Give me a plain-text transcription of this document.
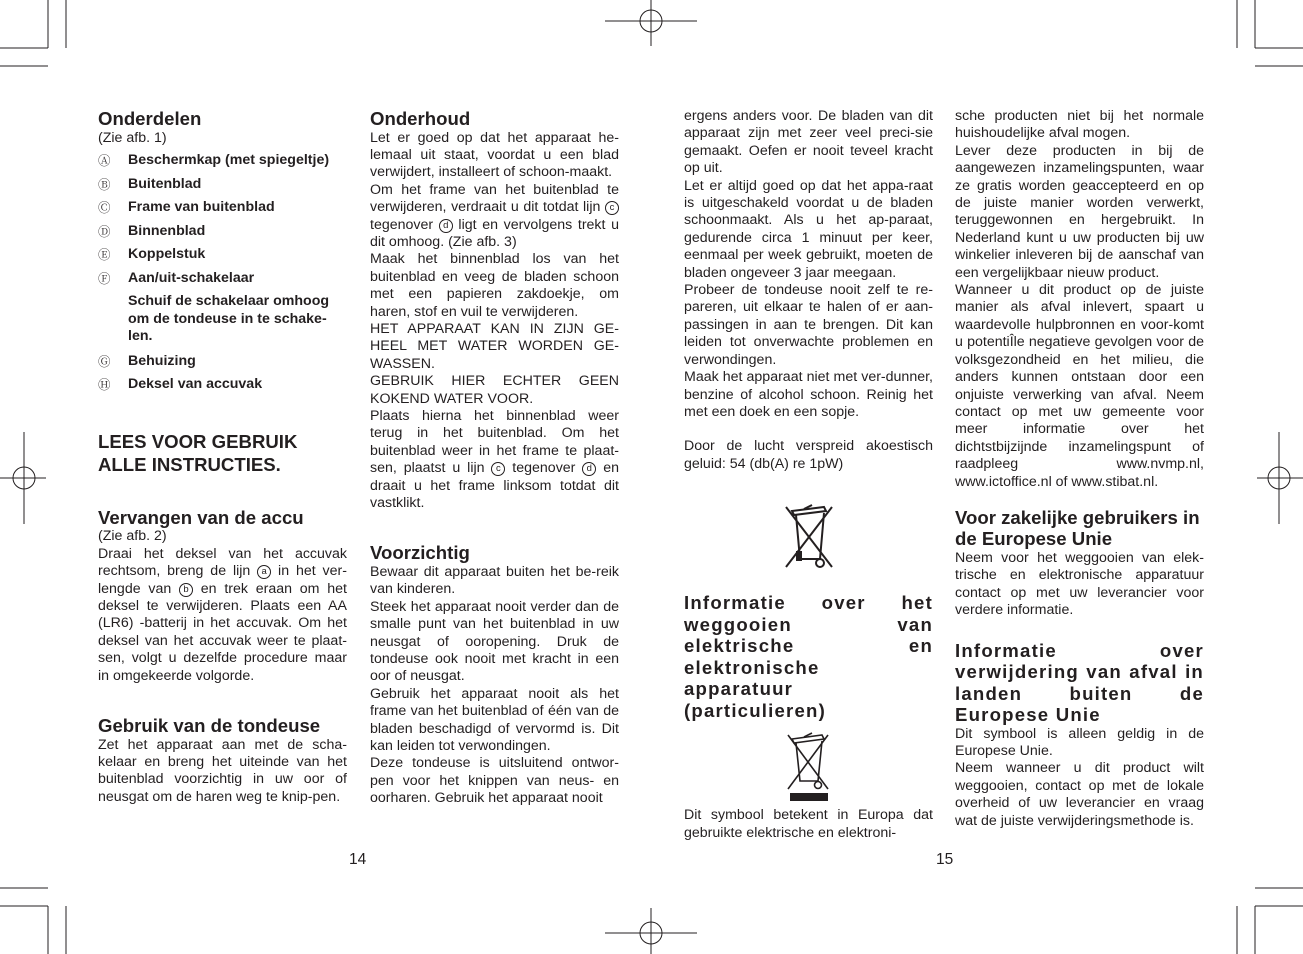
Onderdelen

(Zie afb. 1)

Ⓐ	Beschermkap (met spiegeltje)
Ⓑ	Buitenblad
Ⓒ	Frame van buitenblad
Ⓓ	Binnenblad
Ⓔ	Koppelstuk
Ⓕ	Aan/uit-schakelaar
Schuif de schakelaar omhoog om de tondeuse in te schake-len.
Ⓖ	Behuizing
Ⓗ	Deksel van accuvak
LEES VOOR GEBRUIK
ALLE INSTRUCTIES.
Vervangen van de accu

(Zie afb. 2)

Draai het deksel van het accuvak rechtsom, breng de lijn a in het ver-lengde van b en trek eraan om het deksel te verwijderen. Plaats een AA (LR6) -batterij in het accuvak. Om het deksel van het accuvak weer te plaat-sen, volgt u dezelfde procedure maar in omgekeerde volgorde.

Gebruik van de tondeuse

Zet het apparaat aan met de scha-kelaar en breng het uiteinde van het buitenblad voorzichtig in uw oor of neusgat om de haren weg te knip-pen.

Onderhoud

Let er goed op dat het apparaat he-lemaal uit staat, voordat u een blad verwijdert, installeert of schoon-maakt.

Om het frame van het buitenblad te verwijderen, verdraait u dit totdat lijn c tegenover d ligt en vervolgens trekt u dit omhoog. (Zie afb. 3)

Maak het binnenblad los van het buitenblad en veeg de bladen schoon met een papieren zakdoekje, om haren, stof en vuil te verwijderen.

HET APPARAAT KAN IN ZIJN GE-HEEL MET WATER WORDEN GE-WASSEN.

GEBRUIK HIER ECHTER GEEN KOKEND WATER VOOR.

Plaats hierna het binnenblad weer terug in het buitenblad. Om het buitenblad weer in het frame te plaat-sen, plaatst u lijn c tegenover d en draait u het frame linksom totdat dit vastklikt.

Voorzichtig

Bewaar dit apparaat buiten het be-reik van kinderen.

Steek het apparaat nooit verder dan de smalle punt van het buitenblad in uw neusgat of ooropening. Druk de tondeuse ook nooit met kracht in een oor of neusgat.

Gebruik het apparaat nooit als het frame van het buitenblad of één van de bladen beschadigd of vervormd is. Dit kan leiden tot verwondingen.

Deze tondeuse is uitsluitend ontwor-pen voor het knippen van neus- en oorharen. Gebruik het apparaat nooit

ergens anders voor. De bladen van dit apparaat zijn met zeer veel preci-sie gemaakt. Oefen er nooit teveel kracht op uit.

Let er altijd goed op dat het appa-raat is uitgeschakeld voordat u de bladen schoonmaakt. Als u het ap-paraat, gedurende circa 1 minuut per keer, eenmaal per week gebruikt, moeten de bladen ongeveer 3 jaar meegaan.

Probeer de tondeuse nooit zelf te re-pareren, uit elkaar te halen of er aan-passingen in aan te brengen. Dit kan leiden tot onverwachte problemen en verwondingen.

Maak het apparaat niet met ver-dunner, benzine of alcohol schoon. Reinig het met een doek en een sopje.

Door de lucht verspreid akoestisch geluid: 54 (db(A) re 1pW)

Informatie over het weggooien van elektrische en elektronische apparatuur (particulieren)

Dit symbool betekent in Europa dat gebruikte elektrische en elektroni-

sche producten niet bij het normale huishoudelijke afval mogen.

Lever deze producten in bij de aangewezen inzamelingspunten, waar ze gratis worden geaccepteerd en op de juiste manier worden verwerkt, teruggewonnen en hergebruikt. In Nederland kunt u uw producten bij uw winkelier inleveren bij de aanschaf van een vergelijkbaar nieuw product.

Wanneer u dit product op de juiste manier als afval inlevert, spaart u waardevolle hulpbronnen en voor-komt u potentiÎle negatieve gevolgen voor de volksgezondheid en het milieu, die anders kunnen ontstaan door een onjuiste verwerking van afval. Neem contact op met uw gemeente voor meer informatie over het dichtstbijzijnde inzamelingspunt of raadpleeg www.nvmp.nl, www.ictoffice.nl of www.stibat.nl.

Voor zakelijke gebruikers in de Europese Unie

Neem voor het weggooien van elek-trische en elektronische apparatuur contact op met uw leverancier voor verdere informatie.

Informatie over verwijdering van afval in landen buiten de Europese Unie

Dit symbool is alleen geldig in de Europese Unie.

Neem wanneer u dit product wilt weggooien, contact op met de lokale overheid of uw leverancier en vraag wat de juiste verwijderingsmethode is.

14	15
